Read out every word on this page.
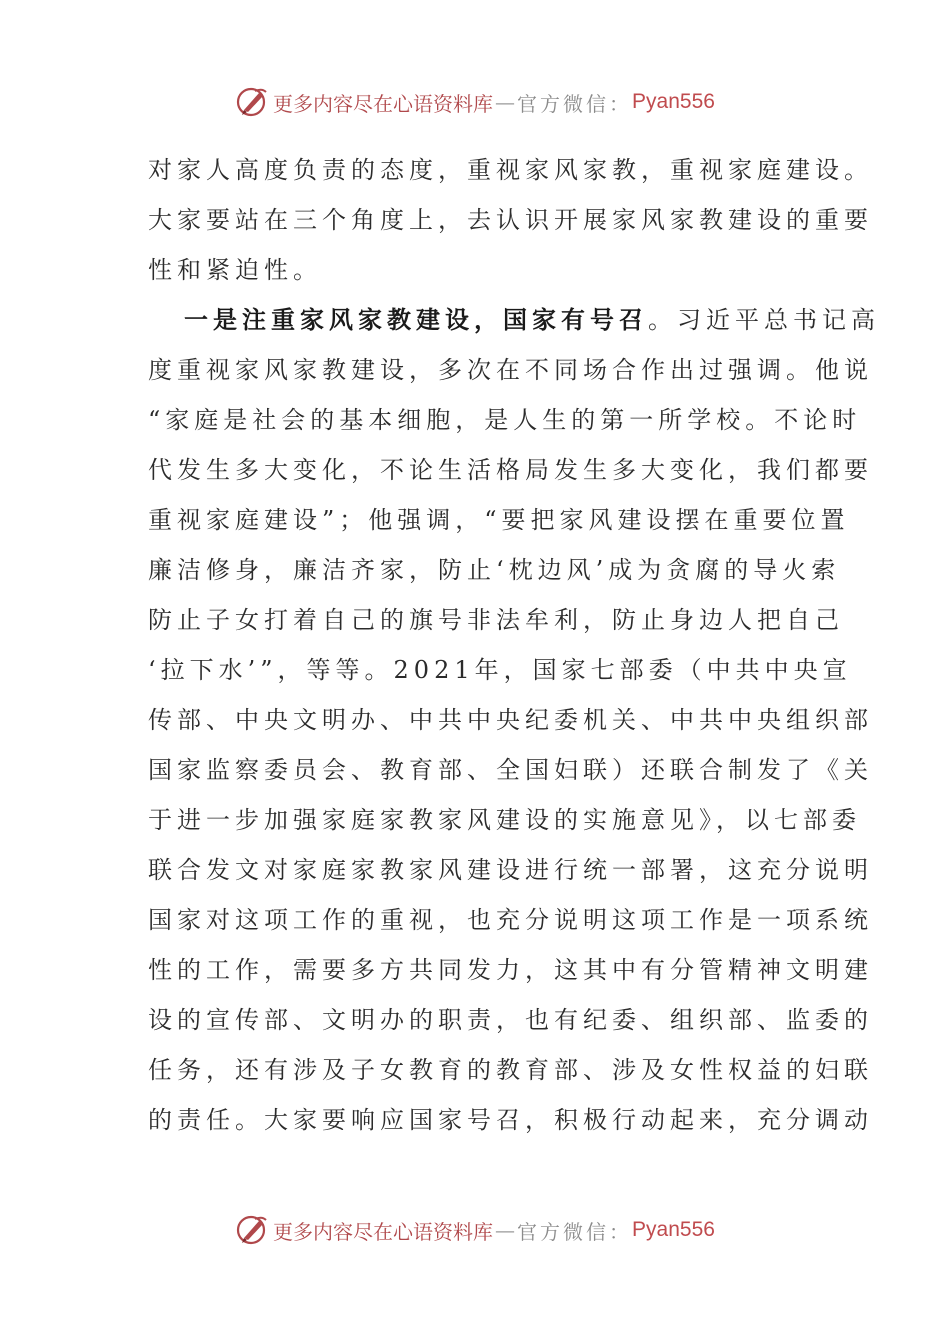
更多内容尽在心语资料库 — 官方微信： Pyan556
对家人高度负责的态度，重视家风家教，重视家庭建设。
大家要站在三个角度上，去认识开展家风家教建设的重要
性和紧迫性。
一是注重家风家教建设，国家有号召。习近平总书记高
度重视家风家教建设，多次在不同场合作出过强调。他说
“家庭是社会的基本细胞，是人生的第一所学校。不论时
代发生多大变化，不论生活格局发生多大变化，我们都要
重视家庭建设”；他强调，“要把家风建设摆在重要位置
廉洁修身，廉洁齐家，防止‘枕边风’成为贪腐的导火索
防止子女打着自己的旗号非法牟利，防止身边人把自己
‘拉下水’”，等等。2021年，国家七部委（中共中央宣
传部、中央文明办、中共中央纪委机关、中共中央组织部
国家监察委员会、教育部、全国妇联）还联合制发了《关
于进一步加强家庭家教家风建设的实施意见》，以七部委
联合发文对家庭家教家风建设进行统一部署，这充分说明
国家对这项工作的重视，也充分说明这项工作是一项系统
性的工作，需要多方共同发力，这其中有分管精神文明建
设的宣传部、文明办的职责，也有纪委、组织部、监委的
任务，还有涉及子女教育的教育部、涉及女性权益的妇联
的责任。大家要响应国家号召，积极行动起来，充分调动
更多内容尽在心语资料库 — 官方微信： Pyan556
